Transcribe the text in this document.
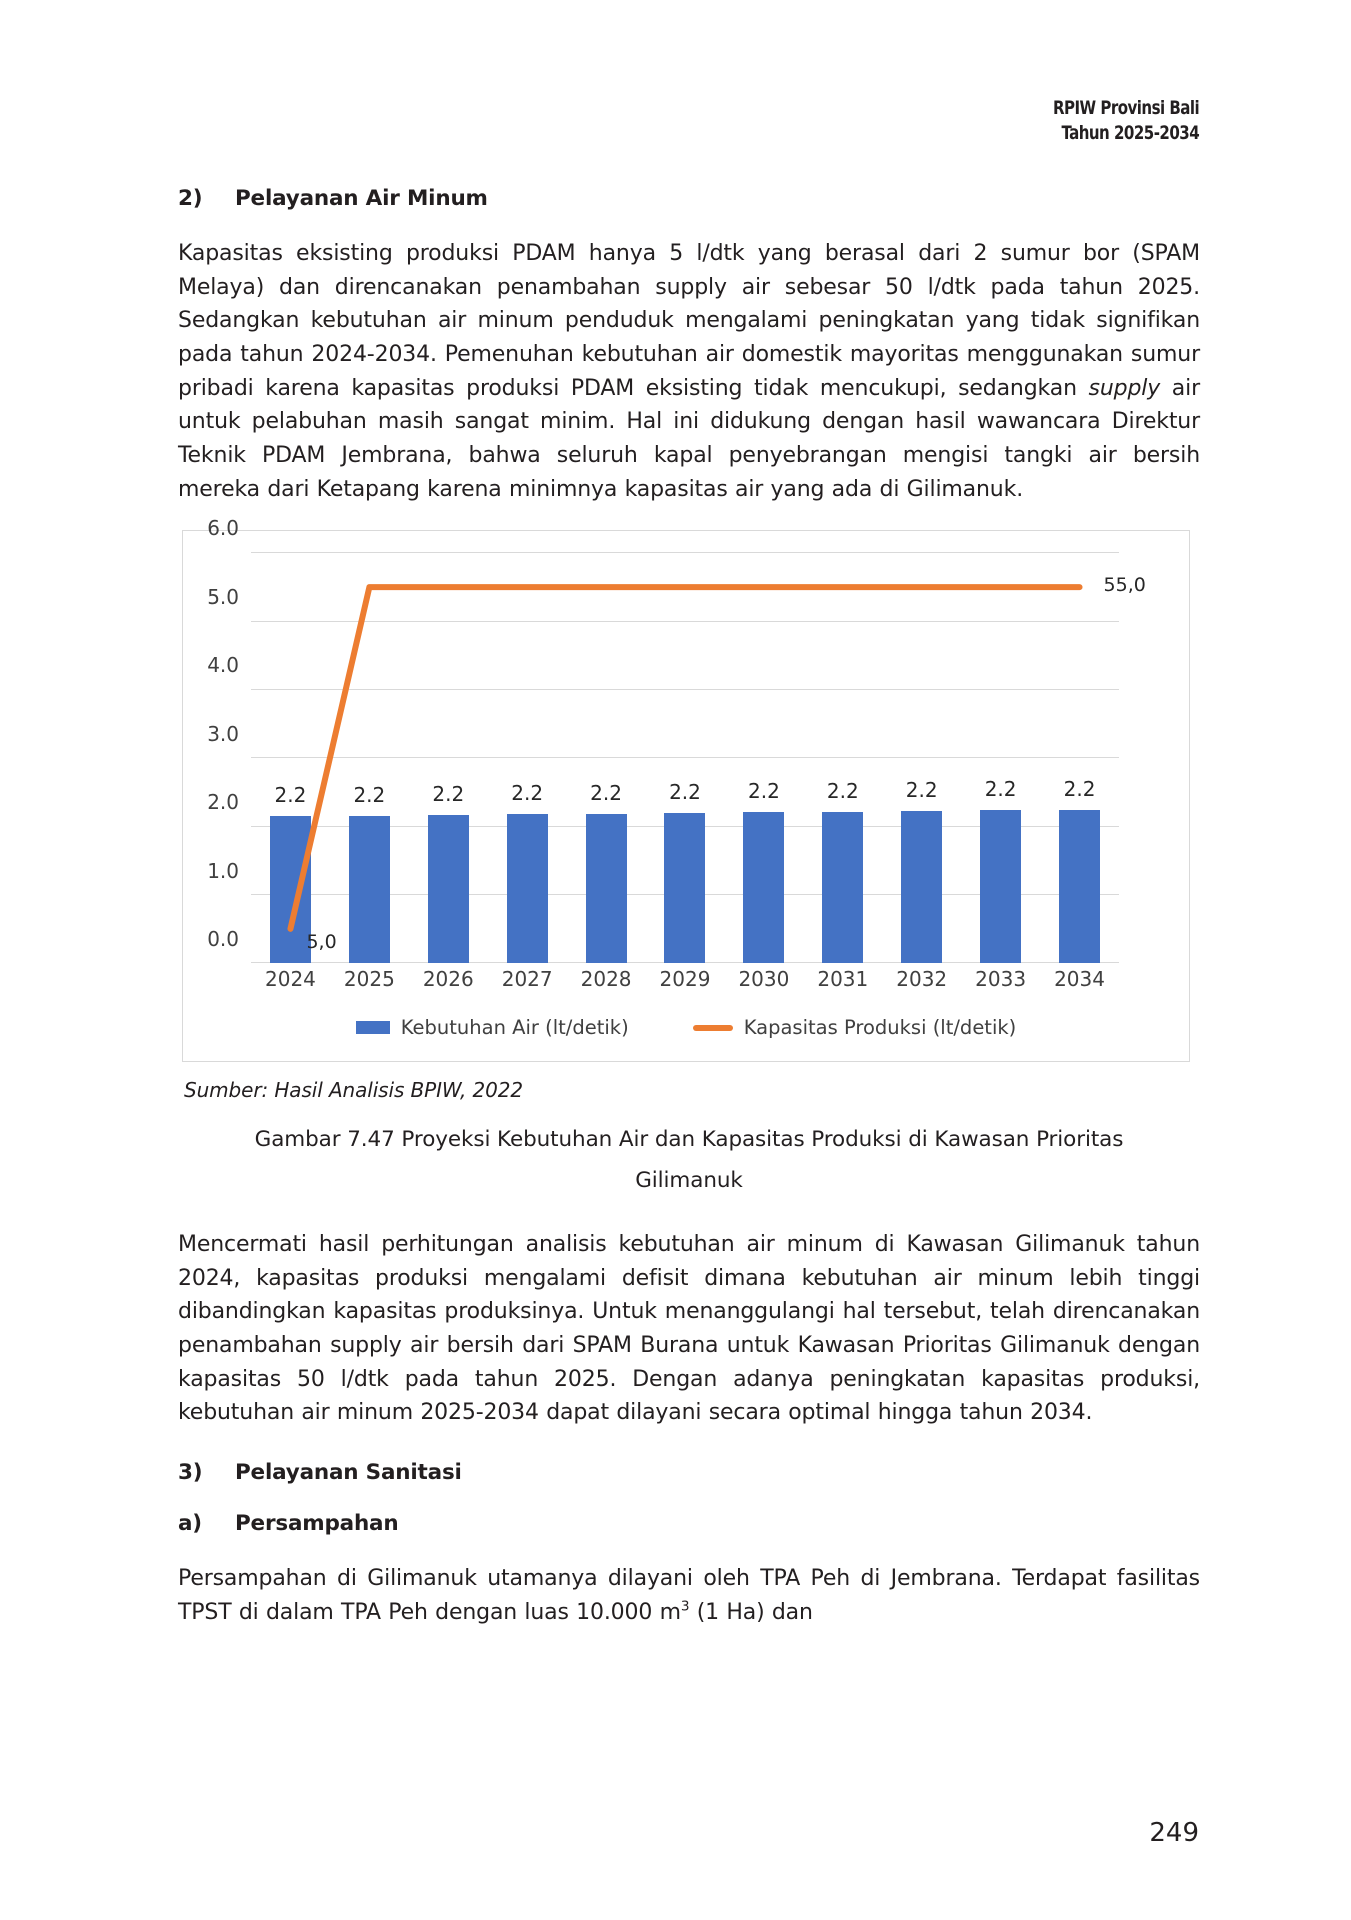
RPIW Provinsi Bali
Tahun 2025-2034
2)	Pelayanan Air Minum

Kapasitas eksisting produksi PDAM hanya 5 l/dtk yang berasal dari 2 sumur bor (SPAM Melaya) dan direncanakan penambahan supply air sebesar 50 l/dtk pada tahun 2025. Sedangkan kebutuhan air minum penduduk mengalami peningkatan yang tidak signifikan pada tahun 2024-2034. Pemenuhan kebutuhan air domestik mayoritas menggunakan sumur pribadi karena kapasitas produksi PDAM eksisting tidak mencukupi, sedangkan supply air untuk pelabuhan masih sangat minim. Hal ini didukung dengan hasil wawancara Direktur Teknik PDAM Jembrana, bahwa seluruh kapal penyebrangan mengisi tangki air bersih mereka dari Ketapang karena minimnya kapasitas air yang ada di Gilimanuk.

0.0
1.0
2.0
3.0
4.0
5.0
6.0
2.2 2.2 2.2 2.2 2.2 2.2 2.2 2.2 2.2 2.2 2.2
5,0
55,0
2024	2025	2026	2027	2028	2029	2030	2031	2032	2033	2034
Kebutuhan Air (lt/detik)	Kapasitas Produksi (lt/detik)
Sumber: Hasil Analisis BPIW, 2022
Gambar 7.47 Proyeksi Kebutuhan Air dan Kapasitas Produksi di Kawasan Prioritas
Gilimanuk

Mencermati hasil perhitungan analisis kebutuhan air minum di Kawasan Gilimanuk tahun 2024, kapasitas produksi mengalami defisit dimana kebutuhan air minum lebih tinggi dibandingkan kapasitas produksinya. Untuk menanggulangi hal tersebut, telah direncanakan penambahan supply air bersih dari SPAM Burana untuk Kawasan Prioritas Gilimanuk dengan kapasitas 50 l/dtk pada tahun 2025. Dengan adanya peningkatan kapasitas produksi, kebutuhan air minum 2025-2034 dapat dilayani secara optimal hingga tahun 2034.

3)	Pelayanan Sanitasi
a)	Persampahan

Persampahan di Gilimanuk utamanya dilayani oleh TPA Peh di Jembrana. Terdapat fasilitas TPST di dalam TPA Peh dengan luas 10.000 $m^3$ (1 Ha) dan

249
